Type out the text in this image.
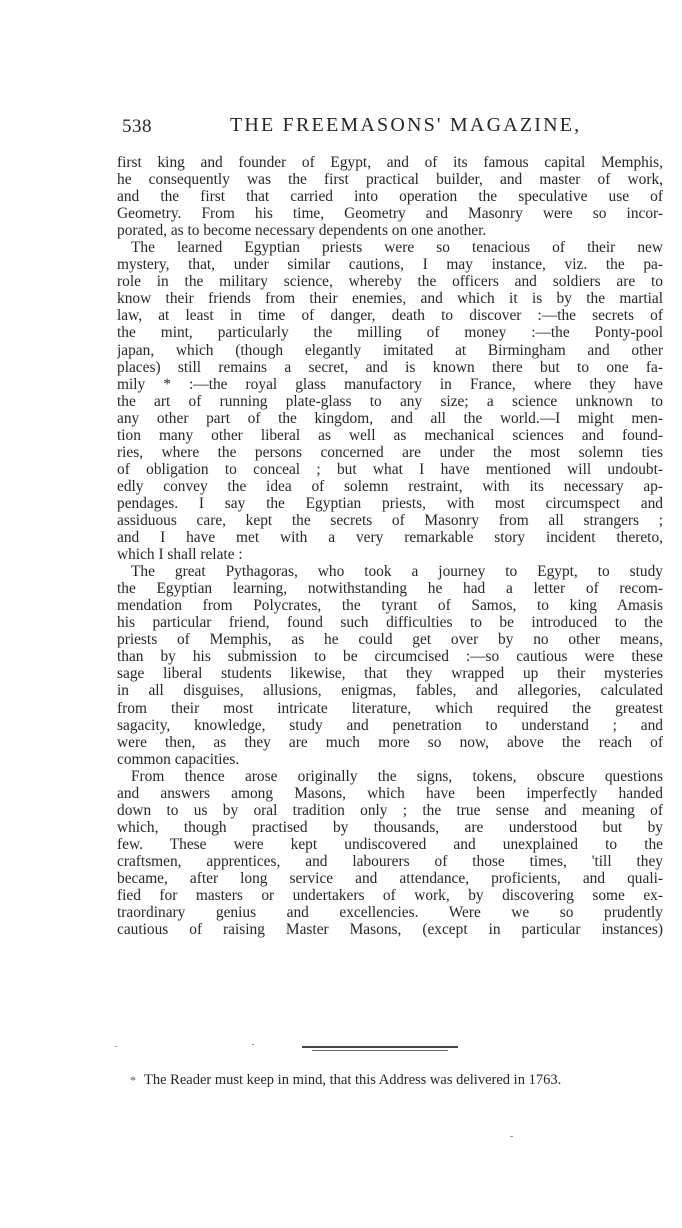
538	THE FREEMASONS' MAGAZINE,
first king and founder of Egypt, and of its famous capital Memphis,
he consequently was the first practical builder, and master of work,
and the first that carried into operation the speculative use of
Geometry. From his time, Geometry and Masonry were so incor-
porated, as to become necessary dependents on one another.
The learned Egyptian priests were so tenacious of their new
mystery, that, under similar cautions, I may instance, viz. the pa-
role in the military science, whereby the officers and soldiers are to
know their friends from their enemies, and which it is by the martial
law, at least in time of danger, death to discover :—the secrets of
the mint, particularly the milling of money :—the Ponty-pool
japan, which (though elegantly imitated at Birmingham and other
places) still remains a secret, and is known there but to one fa-
mily * :—the royal glass manufactory in France, where they have
the art of running plate-glass to any size; a science unknown to
any other part of the kingdom, and all the world.—I might men-
tion many other liberal as well as mechanical sciences and found-
ries, where the persons concerned are under the most solemn ties
of obligation to conceal ; but what I have mentioned will undoubt-
edly convey the idea of solemn restraint, with its necessary ap-
pendages. I say the Egyptian priests, with most circumspect and
assiduous care, kept the secrets of Masonry from all strangers ;
and I have met with a very remarkable story incident thereto,
which I shall relate :
The great Pythagoras, who took a journey to Egypt, to study
the Egyptian learning, notwithstanding he had a letter of recom-
mendation from Polycrates, the tyrant of Samos, to king Amasis
his particular friend, found such difficulties to be introduced to the
priests of Memphis, as he could get over by no other means,
than by his submission to be circumcised :—so cautious were these
sage liberal students likewise, that they wrapped up their mysteries
in all disguises, allusions, enigmas, fables, and allegories, calculated
from their most intricate literature, which required the greatest
sagacity, knowledge, study and penetration to understand ; and
were then, as they are much more so now, above the reach of
common capacities.
From thence arose originally the signs, tokens, obscure questions
and answers among Masons, which have been imperfectly handed
down to us by oral tradition only ; the true sense and meaning of
which, though practised by thousands, are understood but by
few. These were kept undiscovered and unexplained to the
craftsmen, apprentices, and labourers of those times, 'till they
became, after long service and attendance, proficients, and quali-
fied for masters or undertakers of work, by discovering some ex-
traordinary genius and excellencies. Were we so prudently
cautious of raising Master Masons, (except in particular instances)
* The Reader must keep in mind, that this Address was delivered in 1763.
